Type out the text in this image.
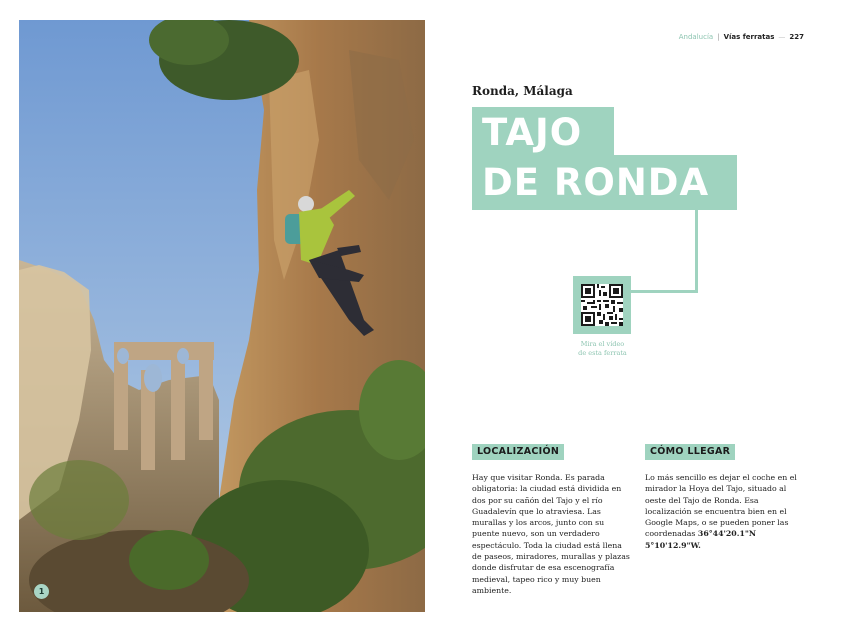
1
Andalucía | Vías ferratas — 227
Ronda, Málaga
TAJO
DE RONDA
Mira el vídeo
de esta ferrata
LOCALIZACIÓN

Hay que visitar Ronda. Es parada obligatoria: la ciudad está dividida en dos por su cañón del Tajo y el río Guadalevín que lo atraviesa. Las murallas y los arcos, junto con su puente nuevo, son un verdadero espectáculo. Toda la ciudad está llena de paseos, miradores, murallas y plazas donde disfrutar de esa escenografía medieval, tapeo rico y muy buen ambiente.

CÓMO LLEGAR

Lo más sencillo es dejar el coche en el mirador la Hoya del Tajo, situado al oeste del Tajo de Ronda. Esa localización se encuentra bien en el Google Maps, o se pueden poner las coordenadas 36°44'20.1"N 5°10'12.9"W.
